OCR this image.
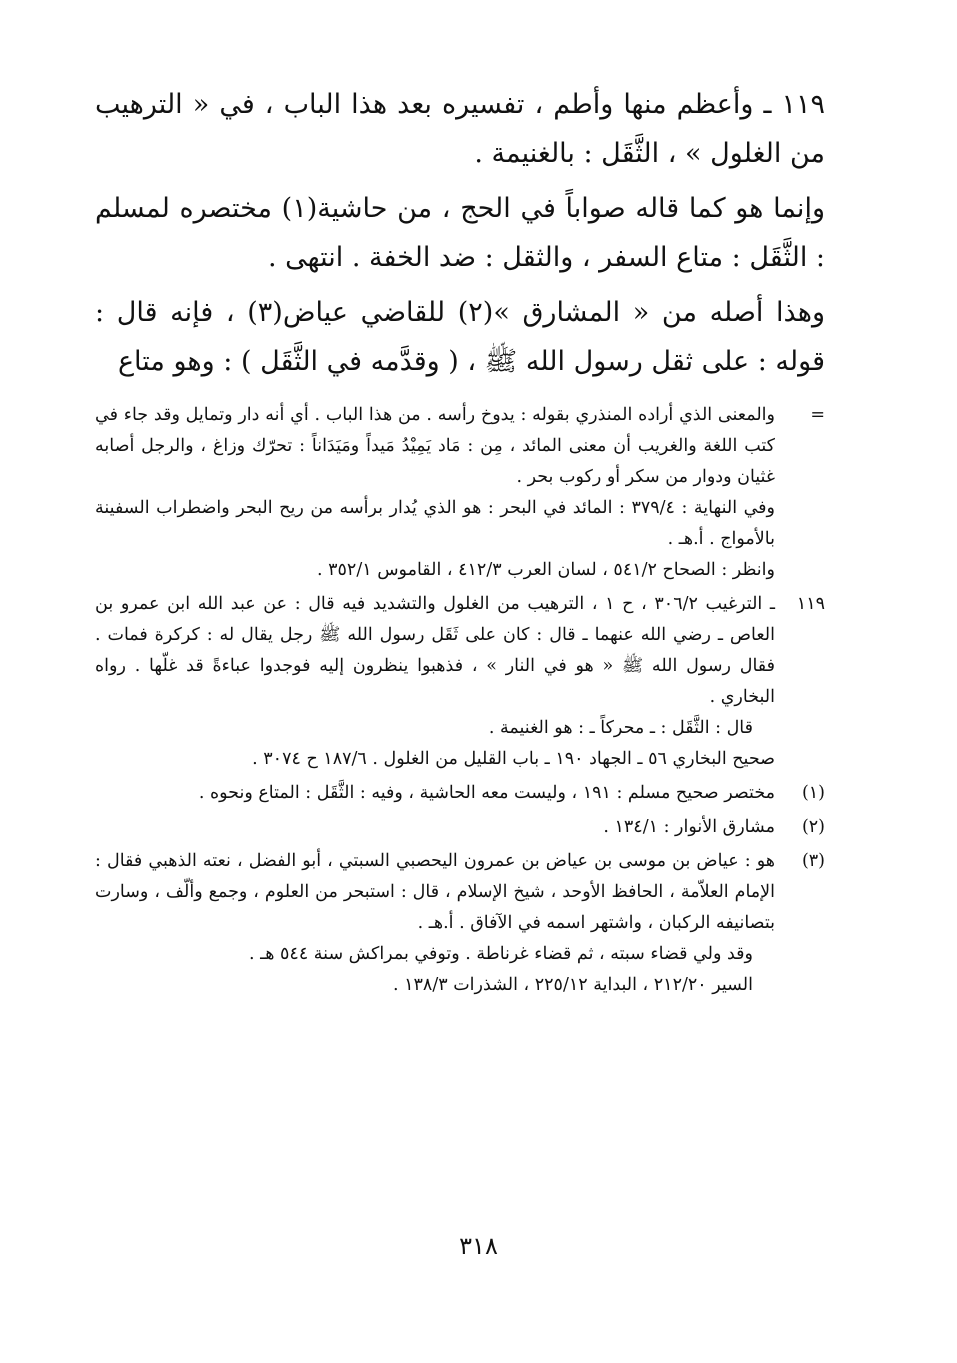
١١٩ ـ وأعظم منها وأطم ، تفسيره بعد هذا الباب ، في « الترهيب من الغلول » ، الثَّقَل : بالغنيمة .

وإنما هو كما قاله صواباً في الحج ، من حاشية(١) مختصره لمسلم : الثَّقَل : متاع السفر ، والثقل : ضد الخفة . انتهى .

وهذا أصله من « المشارق »(٢) للقاضي عياض(٣) ، فإنه قال : قوله : على ثقل رسول الله ﷺ ، ( وقدَّمه في الثَّقَل ) : وهو متاع

=
والمعنى الذي أراده المنذري بقوله : يدوخ رأسه . من هذا الباب . أي أنه دار وتمايل وقد جاء في كتب اللغة والغريب أن معنى المائد ، مِن : مَاد يَمِيْدُ مَيداً ومَيَدَاناً : تحرّك وزاغ ، والرجل أصابه غثيان ودوار من سكر أو ركوب بحر .
وفي النهاية : ٣٧٩/٤ : المائد في البحر : هو الذي يُدار برأسه من ريح البحر واضطراب السفينة بالأمواج . أ.هـ .
وانظر : الصحاح ٥٤١/٢ ، لسان العرب ٤١٢/٣ ، القاموس ٣٥٢/١ .
١١٩
ـ الترغيب ٣٠٦/٢ ، ح ١ ، الترهيب من الغلول والتشديد فيه قال : عن عبد الله ابن عمرو بن العاص ـ رضي الله عنهما ـ قال : كان على ثَقَل رسول الله ﷺ رجل يقال له : كركرة فمات . فقال رسول الله ﷺ « هو في النار » ، فذهبوا ينظرون إليه فوجدوا عباءةً قد غلّها . رواه البخاري .
قال : الثَّقَل : ـ محركاً ـ : هو الغنيمة .
صحيح البخاري ٥٦ ـ الجهاد ١٩٠ ـ باب القليل من الغلول . ١٨٧/٦ ح ٣٠٧٤ .
(١)
مختصر صحيح مسلم : ١٩١ ، وليست معه الحاشية ، وفيه : الثَّقَل : المتاع ونحوه .
(٢)
مشارق الأنوار : ١٣٤/١ .
(٣)
هو : عياض بن موسى بن عياض بن عمرون اليحصبي السبتي ، أبو الفضل ، نعته الذهبي فقال : الإمام العلاّمة ، الحافظ الأوحد ، شيخ الإسلام ، قال : استبحر من العلوم ، وجمع وألّف ، وسارت بتصانيفه الركبان ، واشتهر اسمه في الآفاق . أ.هـ .
وقد ولي قضاء سبته ، ثم قضاء غرناطة . وتوفي بمراكش سنة ٥٤٤ هـ .
السير ٢١٢/٢٠ ، البداية ٢٢٥/١٢ ، الشذرات ١٣٨/٣ .
٣١٨
